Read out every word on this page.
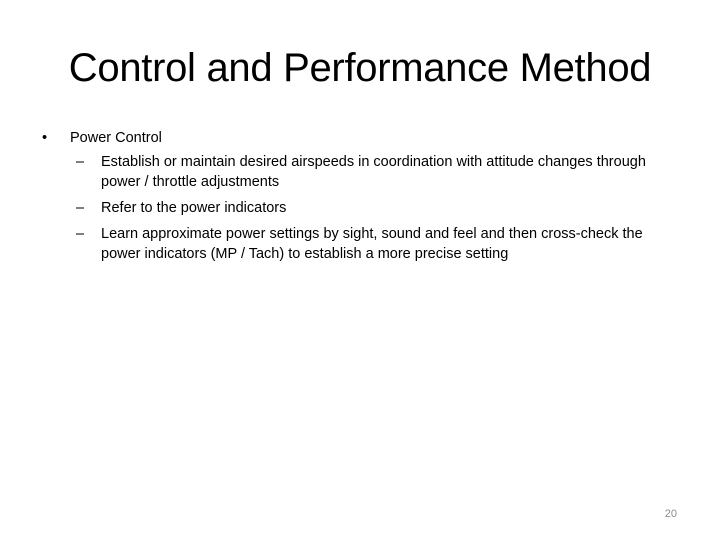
Control and Performance Method
• Power Control
– Establish or maintain desired airspeeds in coordination with attitude changes through power / throttle adjustments
– Refer to the power indicators
– Learn approximate power settings by sight, sound and feel and then cross-check the power indicators (MP / Tach) to establish a more precise setting
20
